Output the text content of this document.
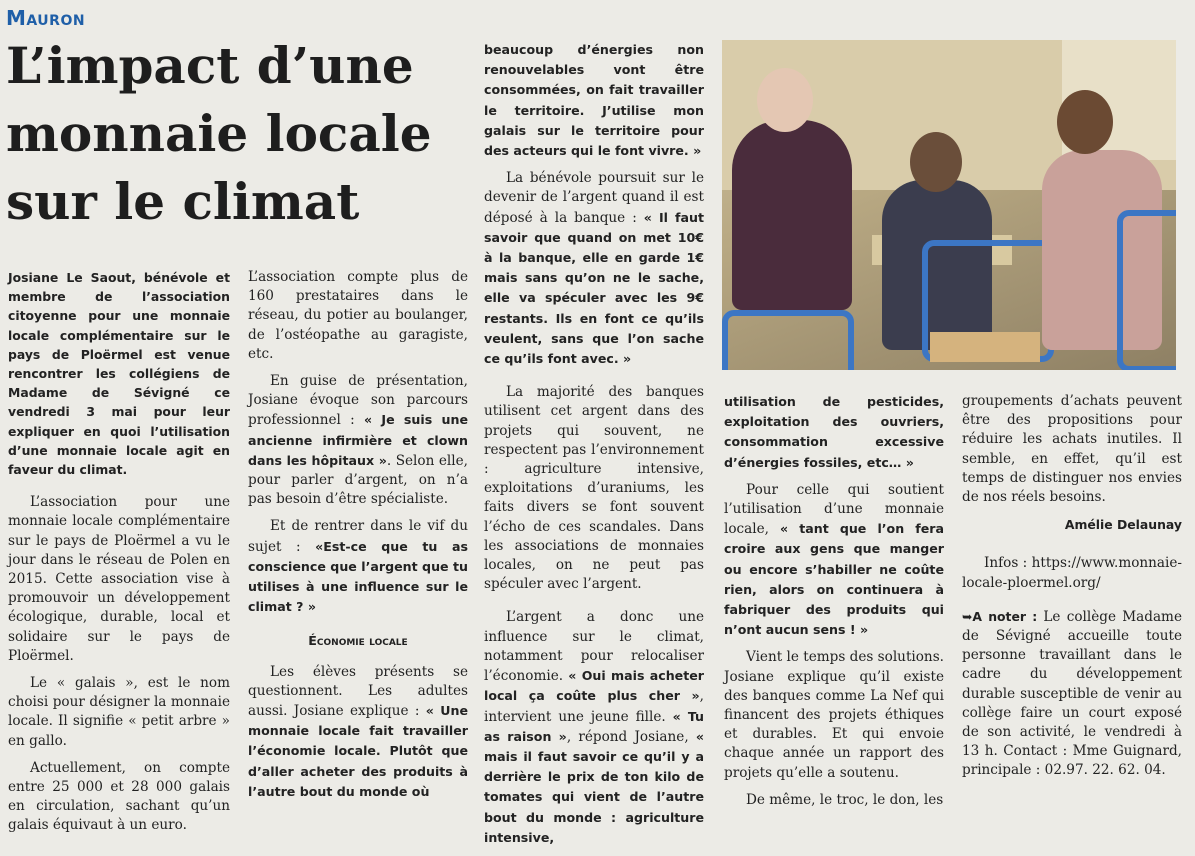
Mauron
L’impact d’une monnaie locale sur le climat

Josiane Le Saout, bénévole et membre de l’association citoyenne pour une monnaie locale complémentaire sur le pays de Ploërmel est venue rencontrer les collégiens de Madame de Sévigné ce vendredi 3 mai pour leur expliquer en quoi l’utilisation d’une monnaie locale agit en faveur du climat.

L’association pour une monnaie locale complémentaire sur le pays de Ploërmel a vu le jour dans le réseau de Polen en 2015. Cette association vise à promouvoir un développement écologique, durable, local et solidaire sur le pays de Ploërmel.

Le « galais », est le nom choisi pour désigner la monnaie locale. Il signifie « petit arbre » en gallo.

Actuellement, on compte entre 25 000 et 28 000 galais en circulation, sachant qu’un galais équivaut à un euro.

L’association compte plus de 160 prestataires dans le réseau, du potier au boulanger, de l’ostéopathe au garagiste, etc.

En guise de présentation, Josiane évoque son parcours professionnel : « Je suis une ancienne infirmière et clown dans les hôpitaux ». Selon elle, pour parler d’argent, on n’a pas besoin d’être spécialiste.

Et de rentrer dans le vif du sujet : «Est-ce que tu as conscience que l’argent que tu utilises à une influence sur le climat ? »

Économie locale

Les élèves présents se questionnent. Les adultes aussi. Josiane explique : « Une monnaie locale fait travailler l’économie locale. Plutôt que d’aller acheter des produits à l’autre bout du monde où

beaucoup d’énergies non renouvelables vont être consommées, on fait travailler le territoire. J’utilise mon galais sur le territoire pour des acteurs qui le font vivre. »

La bénévole poursuit sur le devenir de l’argent quand il est déposé à la banque : « Il faut savoir que quand on met 10€ à la banque, elle en garde 1€ mais sans qu’on ne le sache, elle va spéculer avec les 9€ restants. Ils en font ce qu’ils veulent, sans que l’on sache ce qu’ils font avec. »

La majorité des banques utilisent cet argent dans des projets qui souvent, ne respectent pas l’environnement : agriculture intensive, exploitations d’uraniums, les faits divers se font souvent l’écho de ces scandales. Dans les associations de monnaies locales, on ne peut pas spéculer avec l’argent.

L’argent a donc une influence sur le climat, notamment pour relocaliser l’économie. « Oui mais acheter local ça coûte plus cher », intervient une jeune fille. « Tu as raison », répond Josiane, « mais il faut savoir ce qu’il y a derrière le prix de ton kilo de tomates qui vient de l’autre bout du monde : agriculture intensive,

utilisation de pesticides, exploitation des ouvriers, consommation excessive d’énergies fossiles, etc… »

Pour celle qui soutient l’utilisation d’une monnaie locale, « tant que l’on fera croire aux gens que manger ou encore s’habiller ne coûte rien, alors on continuera à fabriquer des produits qui n’ont aucun sens ! »

Vient le temps des solutions. Josiane explique qu’il existe des banques comme La Nef qui financent des projets éthiques et durables. Et qui envoie chaque année un rapport des projets qu’elle a soutenu.

De même, le troc, le don, les

groupements d’achats peuvent être des propositions pour réduire les achats inutiles. Il semble, en effet, qu’il est temps de distinguer nos envies de nos réels besoins.

Amélie Delaunay

Infos : https://www.monnaie-locale-ploermel.org/

➥A noter : Le collège Madame de Sévigné accueille toute personne travaillant dans le cadre du développement durable susceptible de venir au collège faire un court exposé de son activité, le vendredi à 13 h. Contact : Mme Guignard, principale : 02.97. 22. 62. 04.
